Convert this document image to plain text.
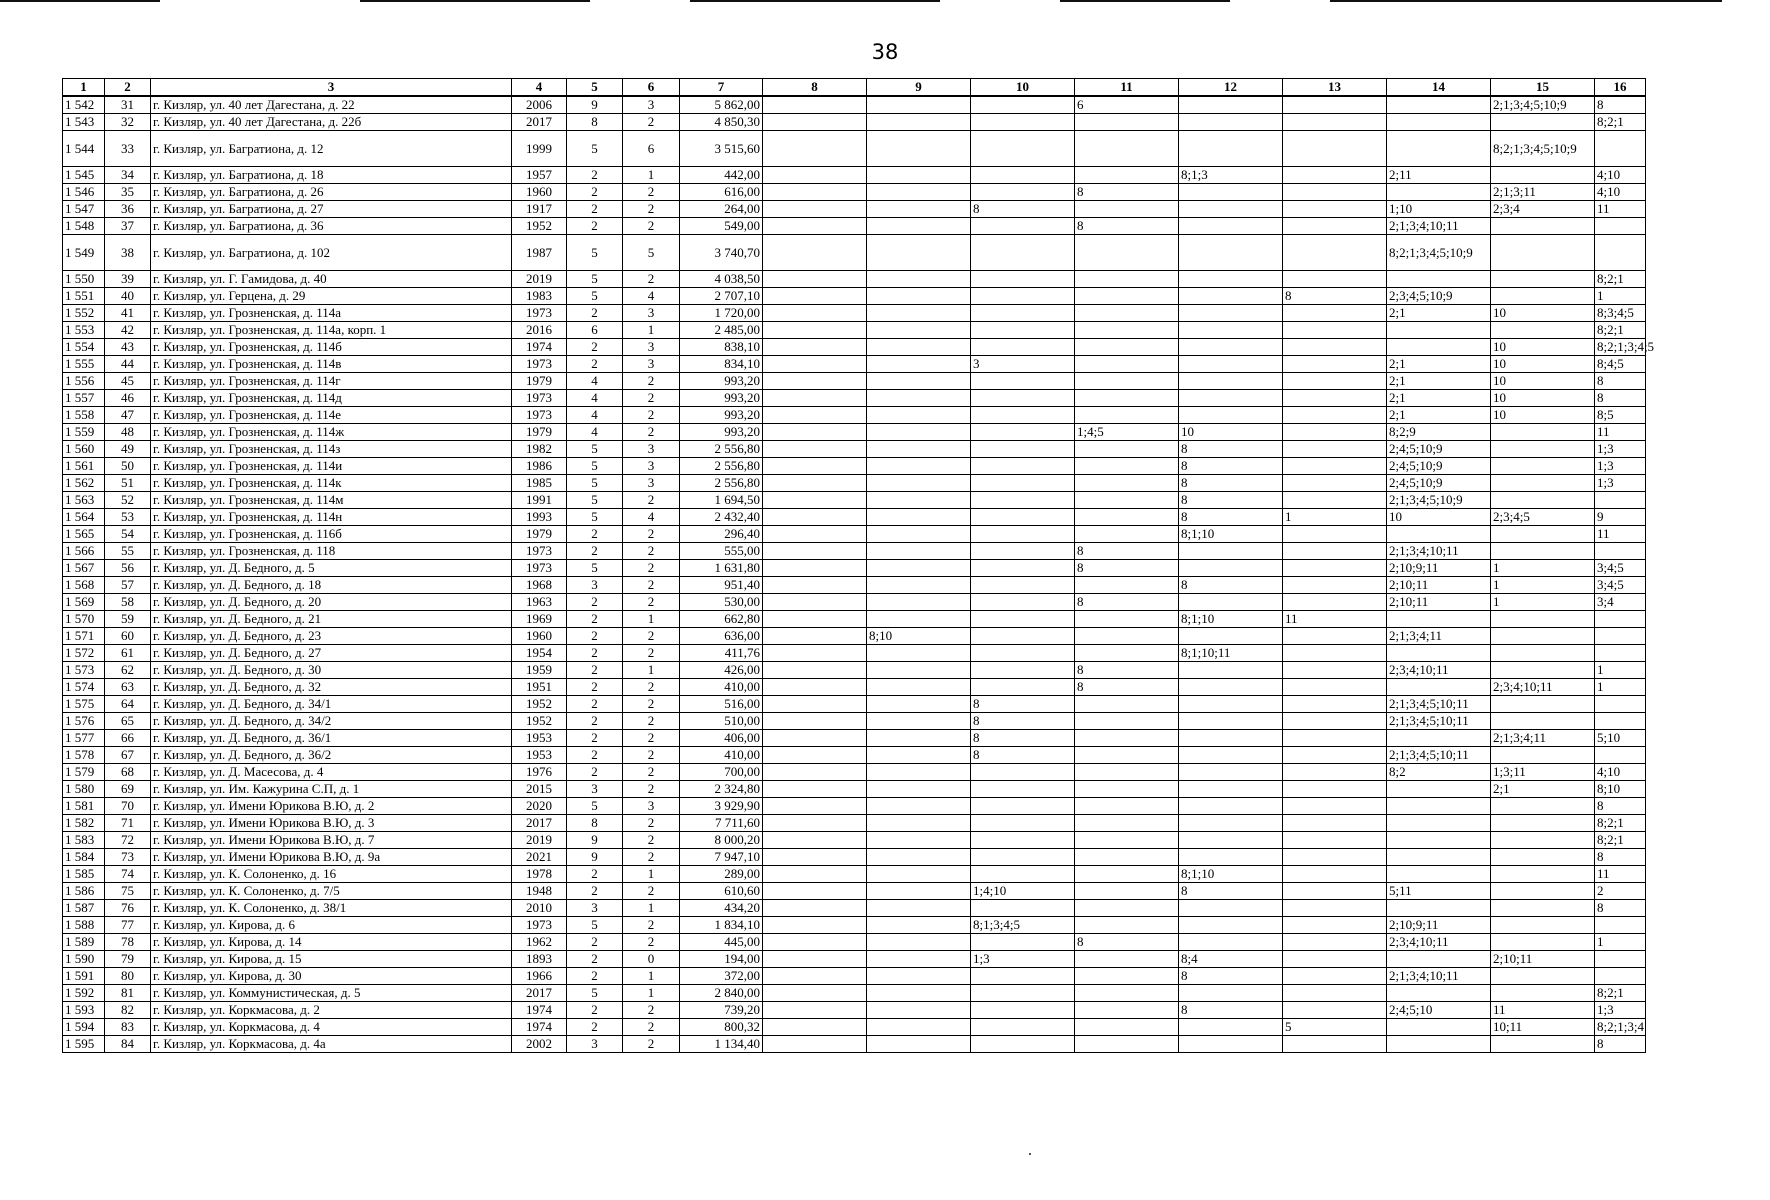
38
1	2	3	4	5	6	7	8	9	10	11	12	13	14	15	16
1 542	31	г. Кизляр, ул. 40 лет Дагестана, д. 22	2006	9	3	5 862,00				6				2;1;3;4;5;10;9	8
1 543	32	г. Кизляр, ул. 40 лет Дагестана, д. 22б	2017	8	2	4 850,30									8;2;1
1 544	33	г. Кизляр, ул. Багратиона, д. 12	1999	5	6	3 515,60								8;2;1;3;4;5;10;9	
1 545	34	г. Кизляр, ул. Багратиона, д. 18	1957	2	1	442,00					8;1;3		2;11		4;10
1 546	35	г. Кизляр, ул. Багратиона, д. 26	1960	2	2	616,00				8				2;1;3;11	4;10
1 547	36	г. Кизляр, ул. Багратиона, д. 27	1917	2	2	264,00			8				1;10	2;3;4	11
1 548	37	г. Кизляр, ул. Багратиона, д. 36	1952	2	2	549,00				8			2;1;3;4;10;11		
1 549	38	г. Кизляр, ул. Багратиона, д. 102	1987	5	5	3 740,70							8;2;1;3;4;5;10;9		
1 550	39	г. Кизляр, ул. Г. Гамидова, д. 40	2019	5	2	4 038,50									8;2;1
1 551	40	г. Кизляр, ул. Герцена, д. 29	1983	5	4	2 707,10						8	2;3;4;5;10;9		1
1 552	41	г. Кизляр, ул. Грозненская, д. 114а	1973	2	3	1 720,00							2;1	10	8;3;4;5
1 553	42	г. Кизляр, ул. Грозненская, д. 114а, корп. 1	2016	6	1	2 485,00									8;2;1
1 554	43	г. Кизляр, ул. Грозненская, д. 114б	1974	2	3	838,10								10	8;2;1;3;4;5
1 555	44	г. Кизляр, ул. Грозненская, д. 114в	1973	2	3	834,10			3				2;1	10	8;4;5
1 556	45	г. Кизляр, ул. Грозненская, д. 114г	1979	4	2	993,20							2;1	10	8
1 557	46	г. Кизляр, ул. Грозненская, д. 114д	1973	4	2	993,20							2;1	10	8
1 558	47	г. Кизляр, ул. Грозненская, д. 114е	1973	4	2	993,20							2;1	10	8;5
1 559	48	г. Кизляр, ул. Грозненская, д. 114ж	1979	4	2	993,20				1;4;5	10		8;2;9		11
1 560	49	г. Кизляр, ул. Грозненская, д. 114з	1982	5	3	2 556,80					8		2;4;5;10;9		1;3
1 561	50	г. Кизляр, ул. Грозненская, д. 114и	1986	5	3	2 556,80					8		2;4;5;10;9		1;3
1 562	51	г. Кизляр, ул. Грозненская, д. 114к	1985	5	3	2 556,80					8		2;4;5;10;9		1;3
1 563	52	г. Кизляр, ул. Грозненская, д. 114м	1991	5	2	1 694,50					8		2;1;3;4;5;10;9		
1 564	53	г. Кизляр, ул. Грозненская, д. 114н	1993	5	4	2 432,40					8	1	10	2;3;4;5	9
1 565	54	г. Кизляр, ул. Грозненская, д. 116б	1979	2	2	296,40					8;1;10				11
1 566	55	г. Кизляр, ул. Грозненская, д. 118	1973	2	2	555,00				8			2;1;3;4;10;11		
1 567	56	г. Кизляр, ул. Д. Бедного, д. 5	1973	5	2	1 631,80				8			2;10;9;11	1	3;4;5
1 568	57	г. Кизляр, ул. Д. Бедного, д. 18	1968	3	2	951,40					8		2;10;11	1	3;4;5
1 569	58	г. Кизляр, ул. Д. Бедного, д. 20	1963	2	2	530,00				8			2;10;11	1	3;4
1 570	59	г. Кизляр, ул. Д. Бедного, д. 21	1969	2	1	662,80					8;1;10	11			
1 571	60	г. Кизляр, ул. Д. Бедного, д. 23	1960	2	2	636,00		8;10					2;1;3;4;11		
1 572	61	г. Кизляр, ул. Д. Бедного, д. 27	1954	2	2	411,76					8;1;10;11				
1 573	62	г. Кизляр, ул. Д. Бедного, д. 30	1959	2	1	426,00				8			2;3;4;10;11		1
1 574	63	г. Кизляр, ул. Д. Бедного, д. 32	1951	2	2	410,00				8				2;3;4;10;11	1
1 575	64	г. Кизляр, ул. Д. Бедного, д. 34/1	1952	2	2	516,00			8				2;1;3;4;5;10;11		
1 576	65	г. Кизляр, ул. Д. Бедного, д. 34/2	1952	2	2	510,00			8				2;1;3;4;5;10;11		
1 577	66	г. Кизляр, ул. Д. Бедного, д. 36/1	1953	2	2	406,00			8					2;1;3;4;11	5;10
1 578	67	г. Кизляр, ул. Д. Бедного, д. 36/2	1953	2	2	410,00			8				2;1;3;4;5;10;11		
1 579	68	г. Кизляр, ул. Д. Масесова, д. 4	1976	2	2	700,00							8;2	1;3;11	4;10
1 580	69	г. Кизляр, ул. Им. Кажурина С.П, д. 1	2015	3	2	2 324,80								2;1	8;10
1 581	70	г. Кизляр, ул. Имени Юрикова В.Ю, д. 2	2020	5	3	3 929,90									8
1 582	71	г. Кизляр, ул. Имени Юрикова В.Ю, д. 3	2017	8	2	7 711,60									8;2;1
1 583	72	г. Кизляр, ул. Имени Юрикова В.Ю, д. 7	2019	9	2	8 000,20									8;2;1
1 584	73	г. Кизляр, ул. Имени Юрикова В.Ю, д. 9а	2021	9	2	7 947,10									8
1 585	74	г. Кизляр, ул. К. Солоненко, д. 16	1978	2	1	289,00					8;1;10				11
1 586	75	г. Кизляр, ул. К. Солоненко, д. 7/5	1948	2	2	610,60			1;4;10		8		5;11		2
1 587	76	г. Кизляр, ул. К. Солоненко, д. 38/1	2010	3	1	434,20									8
1 588	77	г. Кизляр, ул. Кирова, д. 6	1973	5	2	1 834,10			8;1;3;4;5				2;10;9;11		
1 589	78	г. Кизляр, ул. Кирова, д. 14	1962	2	2	445,00				8			2;3;4;10;11		1
1 590	79	г. Кизляр, ул. Кирова, д. 15	1893	2	0	194,00			1;3		8;4			2;10;11	
1 591	80	г. Кизляр, ул. Кирова, д. 30	1966	2	1	372,00					8		2;1;3;4;10;11		
1 592	81	г. Кизляр, ул. Коммунистическая, д. 5	2017	5	1	2 840,00									8;2;1
1 593	82	г. Кизляр, ул. Коркмасова, д. 2	1974	2	2	739,20					8		2;4;5;10	11	1;3
1 594	83	г. Кизляр, ул. Коркмасова, д. 4	1974	2	2	800,32						5		10;11	8;2;1;3;4
1 595	84	г. Кизляр, ул. Коркмасова, д. 4а	2002	3	2	1 134,40									8
